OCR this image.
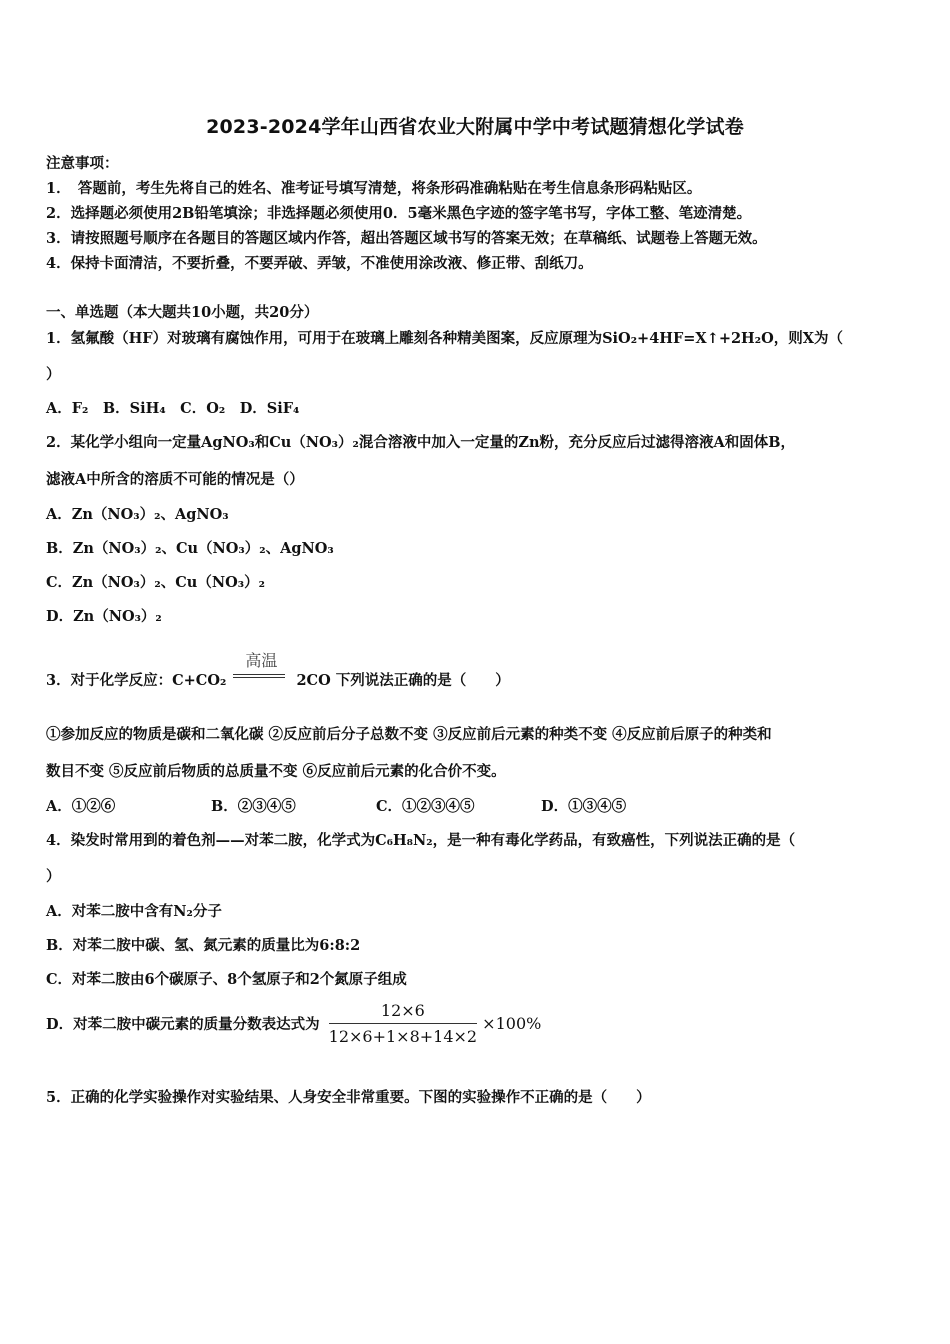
2023-2024学年山西省农业大附属中学中考试题猜想化学试卷
注意事项：
1．　答题前，考生先将自己的姓名、准考证号填写清楚，将条形码准确粘贴在考生信息条形码粘贴区。
2．选择题必须使用2B铅笔填涂；非选择题必须使用0．5毫米黑色字迹的签字笔书写，字体工整、笔迹清楚。
3．请按照题号顺序在各题目的答题区域内作答，超出答题区域书写的答案无效；在草稿纸、试题卷上答题无效。
4．保持卡面清洁，不要折叠，不要弄破、弄皱，不准使用涂改液、修正带、刮纸刀。
一、单选题（本大题共10小题，共20分）
1．氢氟酸（HF）对玻璃有腐蚀作用，可用于在玻璃上雕刻各种精美图案，反应原理为SiO₂+4HF=X↑+2H₂O，则X为（
）
A．F₂　B．SiH₄　C．O₂　D．SiF₄
2．某化学小组向一定量AgNO₃和Cu（NO₃）₂混合溶液中加入一定量的Zn粉，充分反应后过滤得溶液A和固体B，
滤液A中所含的溶质不可能的情况是（）
A．Zn（NO₃）₂、AgNO₃
B．Zn（NO₃）₂、Cu（NO₃）₂、AgNO₃
C．Zn（NO₃）₂、Cu（NO₃）₂
D．Zn（NO₃）₂
3．对于化学反应：C+CO₂
高温
2CO 下列说法正确的是（　　）
①参加反应的物质是碳和二氧化碳 ②反应前后分子总数不变 ③反应前后元素的种类不变 ④反应前后原子的种类和
数目不变 ⑤反应前后物质的总质量不变 ⑥反应前后元素的化合价不变。
A．①②⑥	B．②③④⑤	C．①②③④⑤	D．①③④⑤
4．染发时常用到的着色剂——对苯二胺，化学式为C₆H₈N₂，是一种有毒化学药品，有致癌性，下列说法正确的是（
）
A．对苯二胺中含有N₂分子
B．对苯二胺中碳、氢、氮元素的质量比为6:8:2
C．对苯二胺由6个碳原子、8个氢原子和2个氮原子组成
D．对苯二胺中碳元素的质量分数表达式为 $\frac{12\times 6}{12\times 6+1\times 8+14\times 2} \times 100\%$
5．正确的化学实验操作对实验结果、人身安全非常重要。下图的实验操作不正确的是（　　）
